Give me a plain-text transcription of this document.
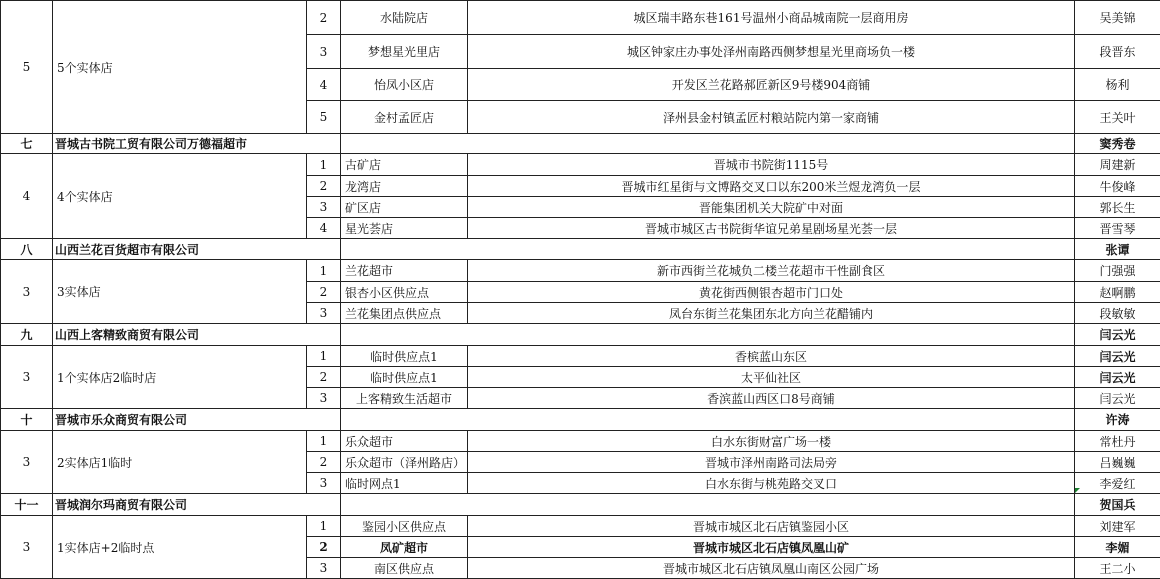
5	5个实体店	2	水陆院店	城区瑞丰路东巷161号温州小商品城南院一层商用房	吴美锦
		3	梦想星光里店	城区钟家庄办事处泽州南路西侧梦想星光里商场负一楼	段晋东
		4	怡凤小区店	开发区兰花路郝匠新区9号楼904商铺	杨利
		5	金村孟匠店	泽州县金村镇孟匠村粮站院内第一家商铺	王关叶
七	晋城古书院工贸有限公司万德福超市				窦秀卷
4	4个实体店	1	古矿店	晋城市书院街1115号	周建新
		2	龙湾店	晋城市红星街与文博路交叉口以东200米兰煜龙湾负一层	牛俊峰
		3	矿区店	晋能集团机关大院矿中对面	郭长生
		4	星光荟店	晋城市城区古书院街华谊兄弟星剧场星光荟一层	晋雪琴
八	山西兰花百货超市有限公司				张谭
3	3实体店	1	兰花超市	新市西街兰花城负二楼兰花超市干性副食区	门强强
		2	银杏小区供应点	黄花街西侧银杏超市门口处	赵啊鹏
		3	兰花集团点供应点	凤台东街兰花集团东北方向兰花醋铺内	段敏敏
九	山西上客精致商贸有限公司				闫云光
3	1个实体店2临时店	1	临时供应点1	香槟蓝山东区	闫云光
		2	临时供应点1	太平仙社区	闫云光
		3	上客精致生活超市	香滨蓝山西区口8号商铺	闫云光
十	晋城市乐众商贸有限公司				许涛
3	2实体店1临时	1	乐众超市	白水东街财富广场一楼	常杜丹
		2	乐众超市（泽州路店）	晋城市泽州南路司法局旁	吕巍巍
		3	临时网点1	白水东街与桃苑路交叉口	李爱红
十一	晋城润尔玛商贸有限公司				贺国兵
3	1实体店+2临时点	1	鉴园小区供应点	晋城市城区北石店镇鉴园小区	刘建军
		2	凤矿超市	晋城市城区北石店镇凤凰山矿	李媚
		3	南区供应点	晋城市城区北石店镇凤凰山南区公园广场	王二小
